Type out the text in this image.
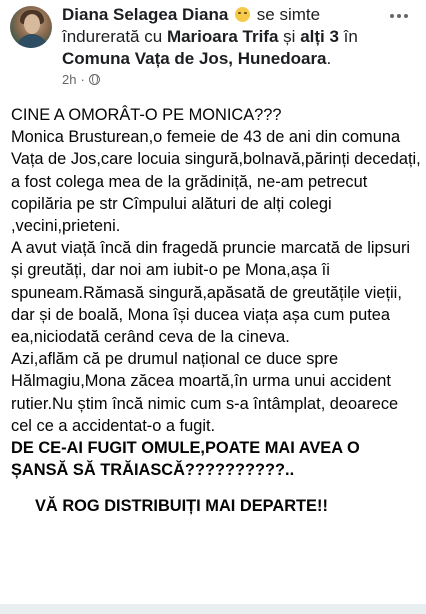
Diana Selagea Diana se simte îndurerată cu Marioara Trifa și alți 3 în Comuna Vața de Jos, Hunedoara.
2h ·

CINE A OMORÂT-O PE MONICA???

Monica Brusturean,o femeie de 43 de ani din comuna Vața de Jos,care locuia singură,bolnavă,părinți decedați, a fost colega mea de la grădiniță, ne-am petrecut copilăria pe str Cîmpului alături de alți colegi ,vecini,prieteni.

A avut viață încă din fragedă pruncie marcată de lipsuri și greutăți, dar noi am iubit-o pe Mona,așa îi spuneam.Rămasă singură,apăsată de greutățile vieții, dar și de boală, Mona își ducea viața așa cum putea ea,niciodată cerând ceva de la cineva.

Azi,aflăm că pe drumul național ce duce spre Hălmagiu,Mona zăcea moartă,în urma unui accident rutier.Nu știm încă nimic cum s-a întâmplat, deoarece cel ce a accidentat-o a fugit.

DE CE-AI FUGIT OMULE,POATE MAI AVEA O ȘANSĂ SĂ TRĂIASCĂ??????????..

VĂ ROG DISTRIBUIȚI MAI DEPARTE!!
